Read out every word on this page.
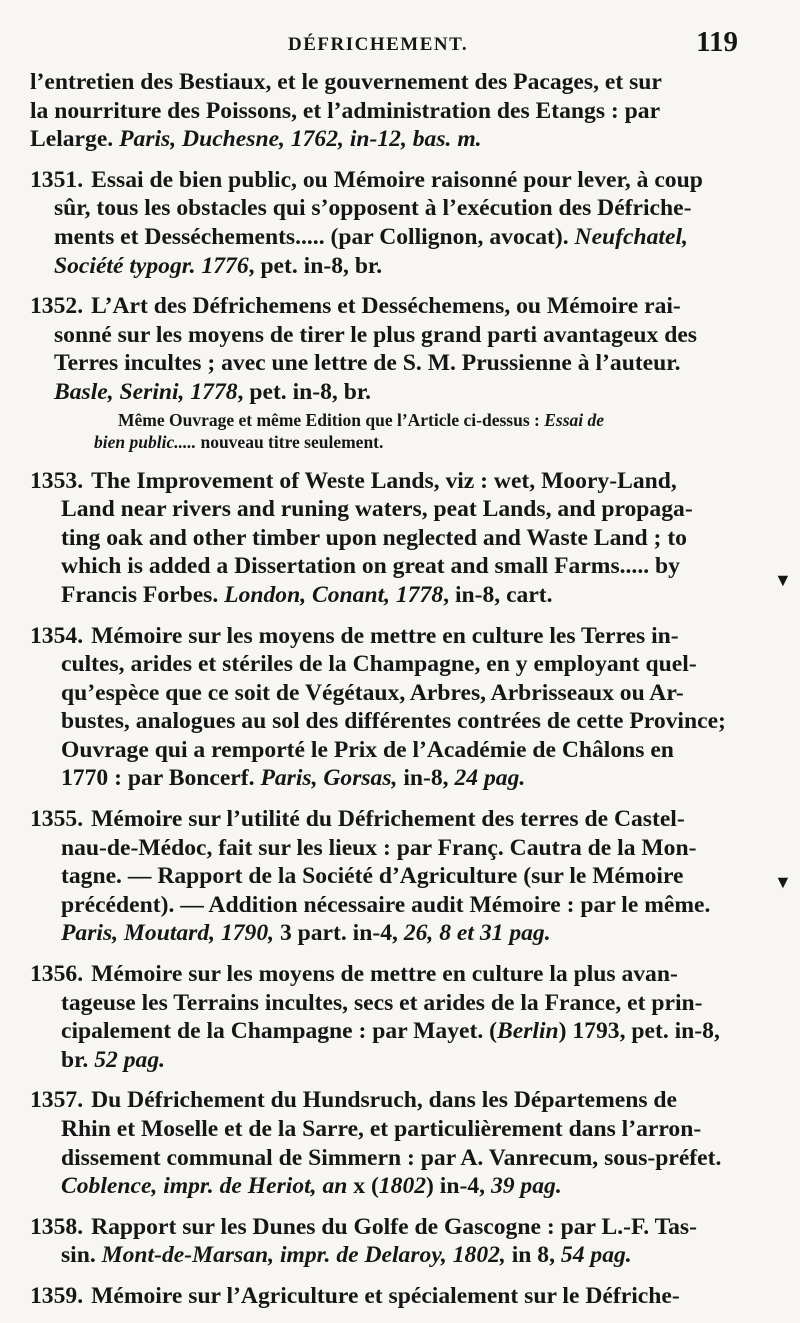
DÉFRICHEMENT.	119
l’entretien des Bestiaux, et le gouvernement des Pacages, et sur
la nourriture des Poissons, et l’administration des Etangs : par
Lelarge. Paris, Duchesne, 1762, in-12, bas. m.
1351. Essai de bien public, ou Mémoire raisonné pour lever, à coup
sûr, tous les obstacles qui s’opposent à l’exécution des Défriche-
ments et Desséchements..... (par Collignon, avocat). Neufchatel,
Société typogr. 1776, pet. in-8, br.
1352. L’Art des Défrichemens et Desséchemens, ou Mémoire rai-
sonné sur les moyens de tirer le plus grand parti avantageux des
Terres incultes ; avec une lettre de S. M. Prussienne à l’auteur.
Basle, Serini, 1778, pet. in-8, br.
Même Ouvrage et même Edition que l’Article ci-dessus : Essai de
bien public..... nouveau titre seulement.
1353. The Improvement of Weste Lands, viz : wet, Moory-Land,
Land near rivers and runing waters, peat Lands, and propaga-
ting oak and other timber upon neglected and Waste Land ; to
which is added a Dissertation on great and small Farms..... by
Francis Forbes. London, Conant, 1778, in-8, cart.
1354. Mémoire sur les moyens de mettre en culture les Terres in-
cultes, arides et stériles de la Champagne, en y employant quel-
qu’espèce que ce soit de Végétaux, Arbres, Arbrisseaux ou Ar-
bustes, analogues au sol des différentes contrées de cette Province;
Ouvrage qui a remporté le Prix de l’Académie de Châlons en
1770 : par Boncerf. Paris, Gorsas, in-8, 24 pag.
1355. Mémoire sur l’utilité du Défrichement des terres de Castel-
nau-de-Médoc, fait sur les lieux : par Franç. Cautra de la Mon-
tagne. — Rapport de la Société d’Agriculture (sur le Mémoire
précédent). — Addition nécessaire audit Mémoire : par le même.
Paris, Moutard, 1790, 3 part. in-4, 26, 8 et 31 pag.
1356. Mémoire sur les moyens de mettre en culture la plus avan-
tageuse les Terrains incultes, secs et arides de la France, et prin-
cipalement de la Champagne : par Mayet. (Berlin) 1793, pet. in-8,
br. 52 pag.
1357. Du Défrichement du Hundsruch, dans les Départemens de
Rhin et Moselle et de la Sarre, et particulièrement dans l’arron-
dissement communal de Simmern : par A. Vanrecum, sous-préfet.
Coblence, impr. de Heriot, an x (1802) in-4, 39 pag.
1358. Rapport sur les Dunes du Golfe de Gascogne : par L.-F. Tas-
sin. Mont-de-Marsan, impr. de Delaroy, 1802, in 8, 54 pag.
1359. Mémoire sur l’Agriculture et spécialement sur le Défriche-
▼
▼
